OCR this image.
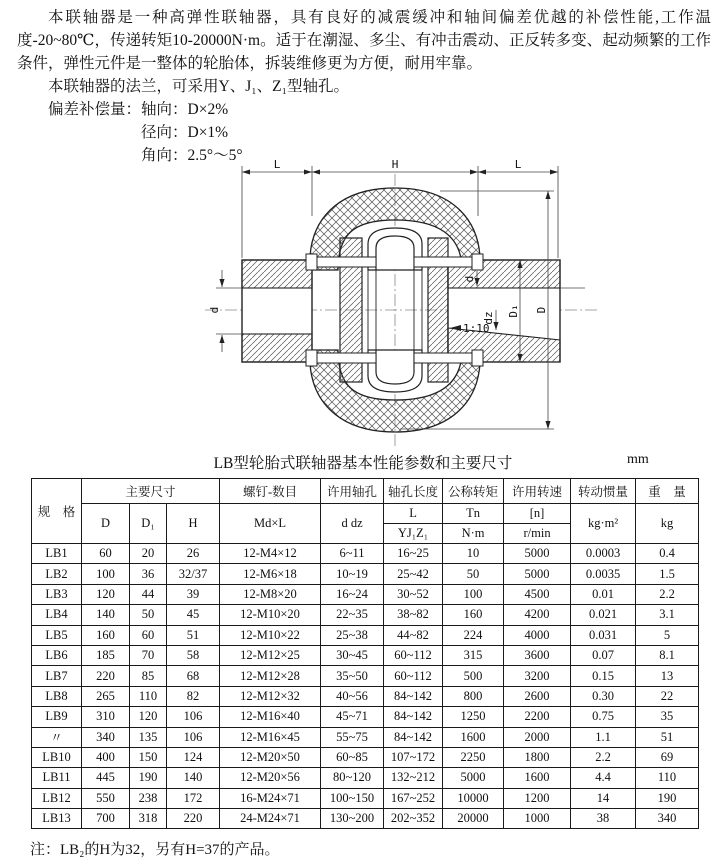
本联轴器是一种高弹性联轴器，具有良好的减震缓冲和轴间偏差优越的补偿性能,工作温度-20~80℃，传递转矩10-20000N·m。适于在潮湿、多尘、有冲击震动、正反转多变、起动频繁的工作条件，弹性元件是一整体的轮胎体，拆装维修更为方便，耐用牢靠。

本联轴器的法兰，可采用Y、J₁、Z₁型轴孔。

偏差补偿量：轴向：D×2%

径向：D×1%

角向：2.5°～5°

1:10
L	H	L
d
d
dz
D₁ D
LB型轮胎式联轴器基本性能参数和主要尺寸	mm
规　格	主要尺寸			螺钉-数目	许用轴孔	轴孔长度	公称转矩	许用转速	转动惯量	重　量
	D	D₁	H	Md×L	d dz	L	Tn	[n]	kg·m²	kg
						YJ₁Z₁	N·m	r/min		
LB1	60	20	26	12-M4×12	6~11	16~25	10	5000	0.0003	0.4
LB2	100	36	32/37	12-M6×18	10~19	25~42	50	5000	0.0035	1.5
LB3	120	44	39	12-M8×20	16~24	30~52	100	4500	0.01	2.2
LB4	140	50	45	12-M10×20	22~35	38~82	160	4200	0.021	3.1
LB5	160	60	51	12-M10×22	25~38	44~82	224	4000	0.031	5
LB6	185	70	58	12-M12×25	30~45	60~112	315	3600	0.07	8.1
LB7	220	85	68	12-M12×28	35~50	60~112	500	3200	0.15	13
LB8	265	110	82	12-M12×32	40~56	84~142	800	2600	0.30	22
LB9	310	120	106	12-M16×40	45~71	84~142	1250	2200	0.75	35
〃	340	135	106	12-M16×45	55~75	84~142	1600	2000	1.1	51
LB10	400	150	124	12-M20×50	60~85	107~172	2250	1800	2.2	69
LB11	445	190	140	12-M20×56	80~120	132~212	5000	1600	4.4	110
LB12	550	238	172	16-M24×71	100~150	167~252	10000	1200	14	190
LB13	700	318	220	24-M24×71	130~200	202~352	20000	1000	38	340
注：LB₂的H为32，另有H=37的产品。
